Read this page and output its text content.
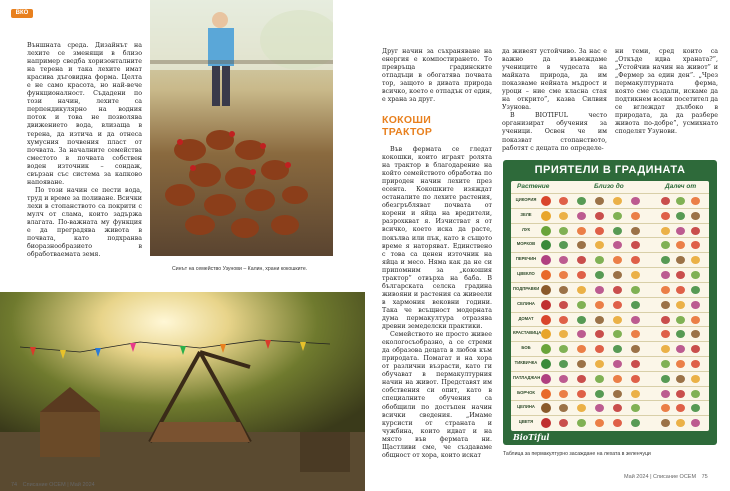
ВКО

Външната среда. Дизайнът на лехите се зменящи в близо например сведба хоризонталните на терена и така лехите имат красива дъговидна форма. Целта е не само красота, но най-вече функционалност. Съдадени по този начин, лехите са перпендикулярно на водния поток и това не позволява движението вода, влизаща в терена, да изтича и да отнеса хумусния почвения пласт от почвата. За началните семейства сместото в почвата собствен воден източник – сондаж, свързан със система за капково напояване.

По този начин се пести вода, труд и време за поливане. Всички лехи в стопанството са покрити с мулч от слама, които задържа влагата. По-важната му функция е да преградява живота в почвата, като подхранва биоразнообразието в обработваемата земя.

Синът на семейство Узунови – Калин, храни кокошките.
74 Списание ОСЕМ | Май 2024

Друг начин за съхраняване на енергия е компостирането. То превръща градинските отпадъци в обогатява почвата тор, защото в дивата природа всичко, което е отпадък от един, е храна за друг.

КОКОШИ
ТРАКТОР

Във фермата се гледат кокошки, които играят ролята на трактор в благодарение на който семейството обработва по природен начин лехите през есента. Кокошките изяждат останалите по лехите растения, обезгръбляват почвата от корени и яйца на вредители, разрохкват я. Изчистват я от всичко, което иска да расте, покълва или пък, като в същото време я наторяват. Единствено с това са ценен източник на яйца и месо. Няма как да не си припомним за „кокошия трактор” отвърха на баба. В българската селска градина живояни и растения са живеели в хармония вековни години. Така че всъщност модерната дума пермакултура отразява древни земеделски практики.

Семейството не просто живее екологосъобразно, а се стреми да образова децата в любов към природата. Помагат и на хора от различни възрасти, като ги обучават в пермакултурния начин на живот. Представят им собствения си опит, като в специалните обучения са обобщили по достъпен начин всички сведения. „Имаме курсисти от страната и чужбина, които идват и на място във фермата ни. Щастливи сме, че създаваме общност от хора, които искат

да живеят устойчиво. За нас е важно да въвеждаме учениците в чудесата на майката природа, да им показваме нейната мъдрост и уроци – ние сме класна стая на открито”, казва Силвия Узунова.

В BIOTIFUL често организират обучения за ученици. Освен че им показват стопанството, работят с децата по определе-

ни теми, сред които са „Откъде идва храната?”, „Устойчив начин на живот” и „Фермер за един ден”. „Чрез пермакултурната ферма, която сме създали, искаме да подтикнем всеки посетител да се вглеждат дълбоко в природата, да да разбере живота по-добре”, усмихнато споделят Узунови.

ПРИЯТЕЛИ В ГРАДИНАТА
Растение	Близо до	Далеч от
ЦИКОРИЯ
ЗЕЛЕ
ЛУК
МОРКОВ
ПЕРЕЧИН
ЦВЕКЛО
ПОДПРАВКИ
СЕЛИНА
ДОМАТ
КРАСТАВИЦА
БОБ
ТИКВИЧКА
ПАТЛАДЖАН
БОРЧОК
ЦЕЛИНА
ЦВЕТЯ
BioTiful
Таблица за пермакултурно засаждане на лехата в зеленчуци
Май 2024 | Списание ОСЕМ 75
